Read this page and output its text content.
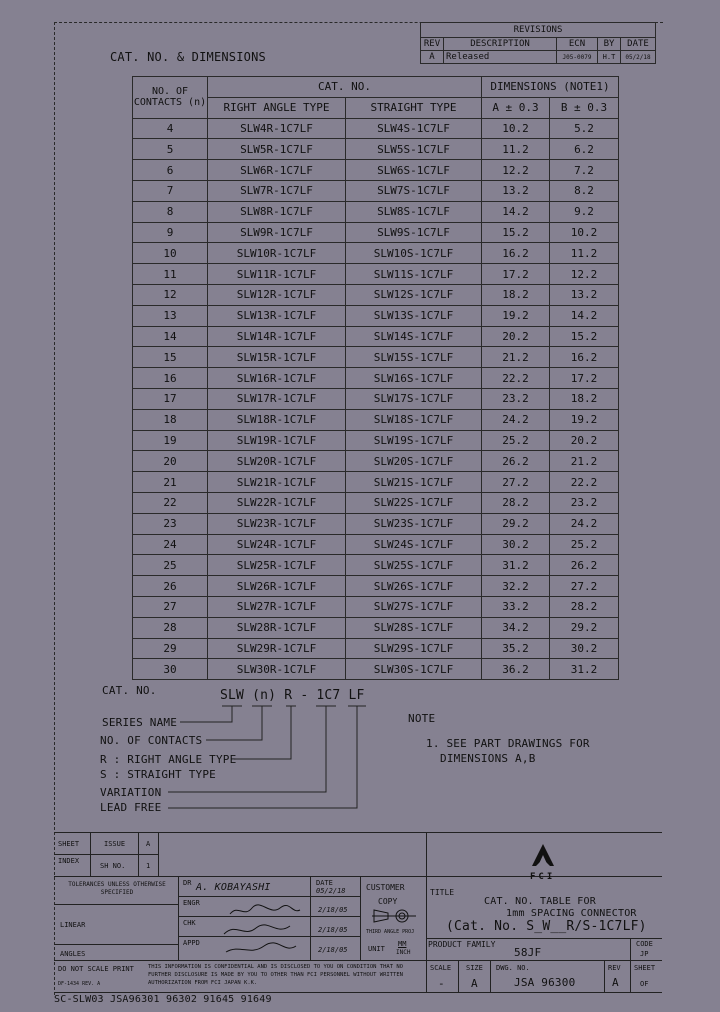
REVISIONS				
REV	DESCRIPTION	ECN	BY	DATE
A	Released	J05-0079	H.T	05/2/18
CAT. NO. & DIMENSIONS
NO. OF CONTACTS (n)	CAT. NO.		DIMENSIONS (NOTE1)	
	RIGHT ANGLE TYPE	STRAIGHT TYPE	A ± 0.3	B ± 0.3
4	SLW4R-1C7LF	SLW4S-1C7LF	10.2	5.2
5	SLW5R-1C7LF	SLW5S-1C7LF	11.2	6.2
6	SLW6R-1C7LF	SLW6S-1C7LF	12.2	7.2
7	SLW7R-1C7LF	SLW7S-1C7LF	13.2	8.2
8	SLW8R-1C7LF	SLW8S-1C7LF	14.2	9.2
9	SLW9R-1C7LF	SLW9S-1C7LF	15.2	10.2
10	SLW10R-1C7LF	SLW10S-1C7LF	16.2	11.2
11	SLW11R-1C7LF	SLW11S-1C7LF	17.2	12.2
12	SLW12R-1C7LF	SLW12S-1C7LF	18.2	13.2
13	SLW13R-1C7LF	SLW13S-1C7LF	19.2	14.2
14	SLW14R-1C7LF	SLW14S-1C7LF	20.2	15.2
15	SLW15R-1C7LF	SLW15S-1C7LF	21.2	16.2
16	SLW16R-1C7LF	SLW16S-1C7LF	22.2	17.2
17	SLW17R-1C7LF	SLW17S-1C7LF	23.2	18.2
18	SLW18R-1C7LF	SLW18S-1C7LF	24.2	19.2
19	SLW19R-1C7LF	SLW19S-1C7LF	25.2	20.2
20	SLW20R-1C7LF	SLW20S-1C7LF	26.2	21.2
21	SLW21R-1C7LF	SLW21S-1C7LF	27.2	22.2
22	SLW22R-1C7LF	SLW22S-1C7LF	28.2	23.2
23	SLW23R-1C7LF	SLW23S-1C7LF	29.2	24.2
24	SLW24R-1C7LF	SLW24S-1C7LF	30.2	25.2
25	SLW25R-1C7LF	SLW25S-1C7LF	31.2	26.2
26	SLW26R-1C7LF	SLW26S-1C7LF	32.2	27.2
27	SLW27R-1C7LF	SLW27S-1C7LF	33.2	28.2
28	SLW28R-1C7LF	SLW28S-1C7LF	34.2	29.2
29	SLW29R-1C7LF	SLW29S-1C7LF	35.2	30.2
30	SLW30R-1C7LF	SLW30S-1C7LF	36.2	31.2
CAT. NO.	SLW (n) R - 1C7 LF
SERIES NAME
NO. OF CONTACTS
R : RIGHT ANGLE TYPE
S : STRAIGHT TYPE
VARIATION
LEAD FREE
NOTE
1. SEE PART DRAWINGS FOR
DIMENSIONS A,B
SHEET
INDEX
ISSUE	A
SH NO.	1
TOLERANCES UNLESS OTHERWISE SPECIFIED
LINEAR
ANGLES
DR A. KOBAYASHI
ENGR
CHK
APPD
DATE
05/2/18
2/18/05
2/18/05
2/18/05
CUSTOMER
COPY
THIRD ANGLE PROJ
UNIT
MM
INCH
FCI
TITLE
CAT. NO. TABLE FOR
1mm SPACING CONNECTOR
(Cat. No. S_W__R/S-1C7LF)
PRODUCT FAMILY
58JF
CODE
JP
SCALE
-
SIZE
A
DWG. NO.
JSA 96300
REV
A
SHEET
OF
DO NOT SCALE PRINT
DF-1434 REV. A
THIS INFORMATION IS CONFIDENTIAL AND IS DISCLOSED TO YOU ON CONDITION THAT NO FURTHER DISCLOSURE IS MADE BY YOU TO OTHER THAN FCI PERSONNEL WITHOUT WRITTEN AUTHORIZATION FROM FCI JAPAN K.K.
SC-SLW03 JSA96301 96302 91645 91649
